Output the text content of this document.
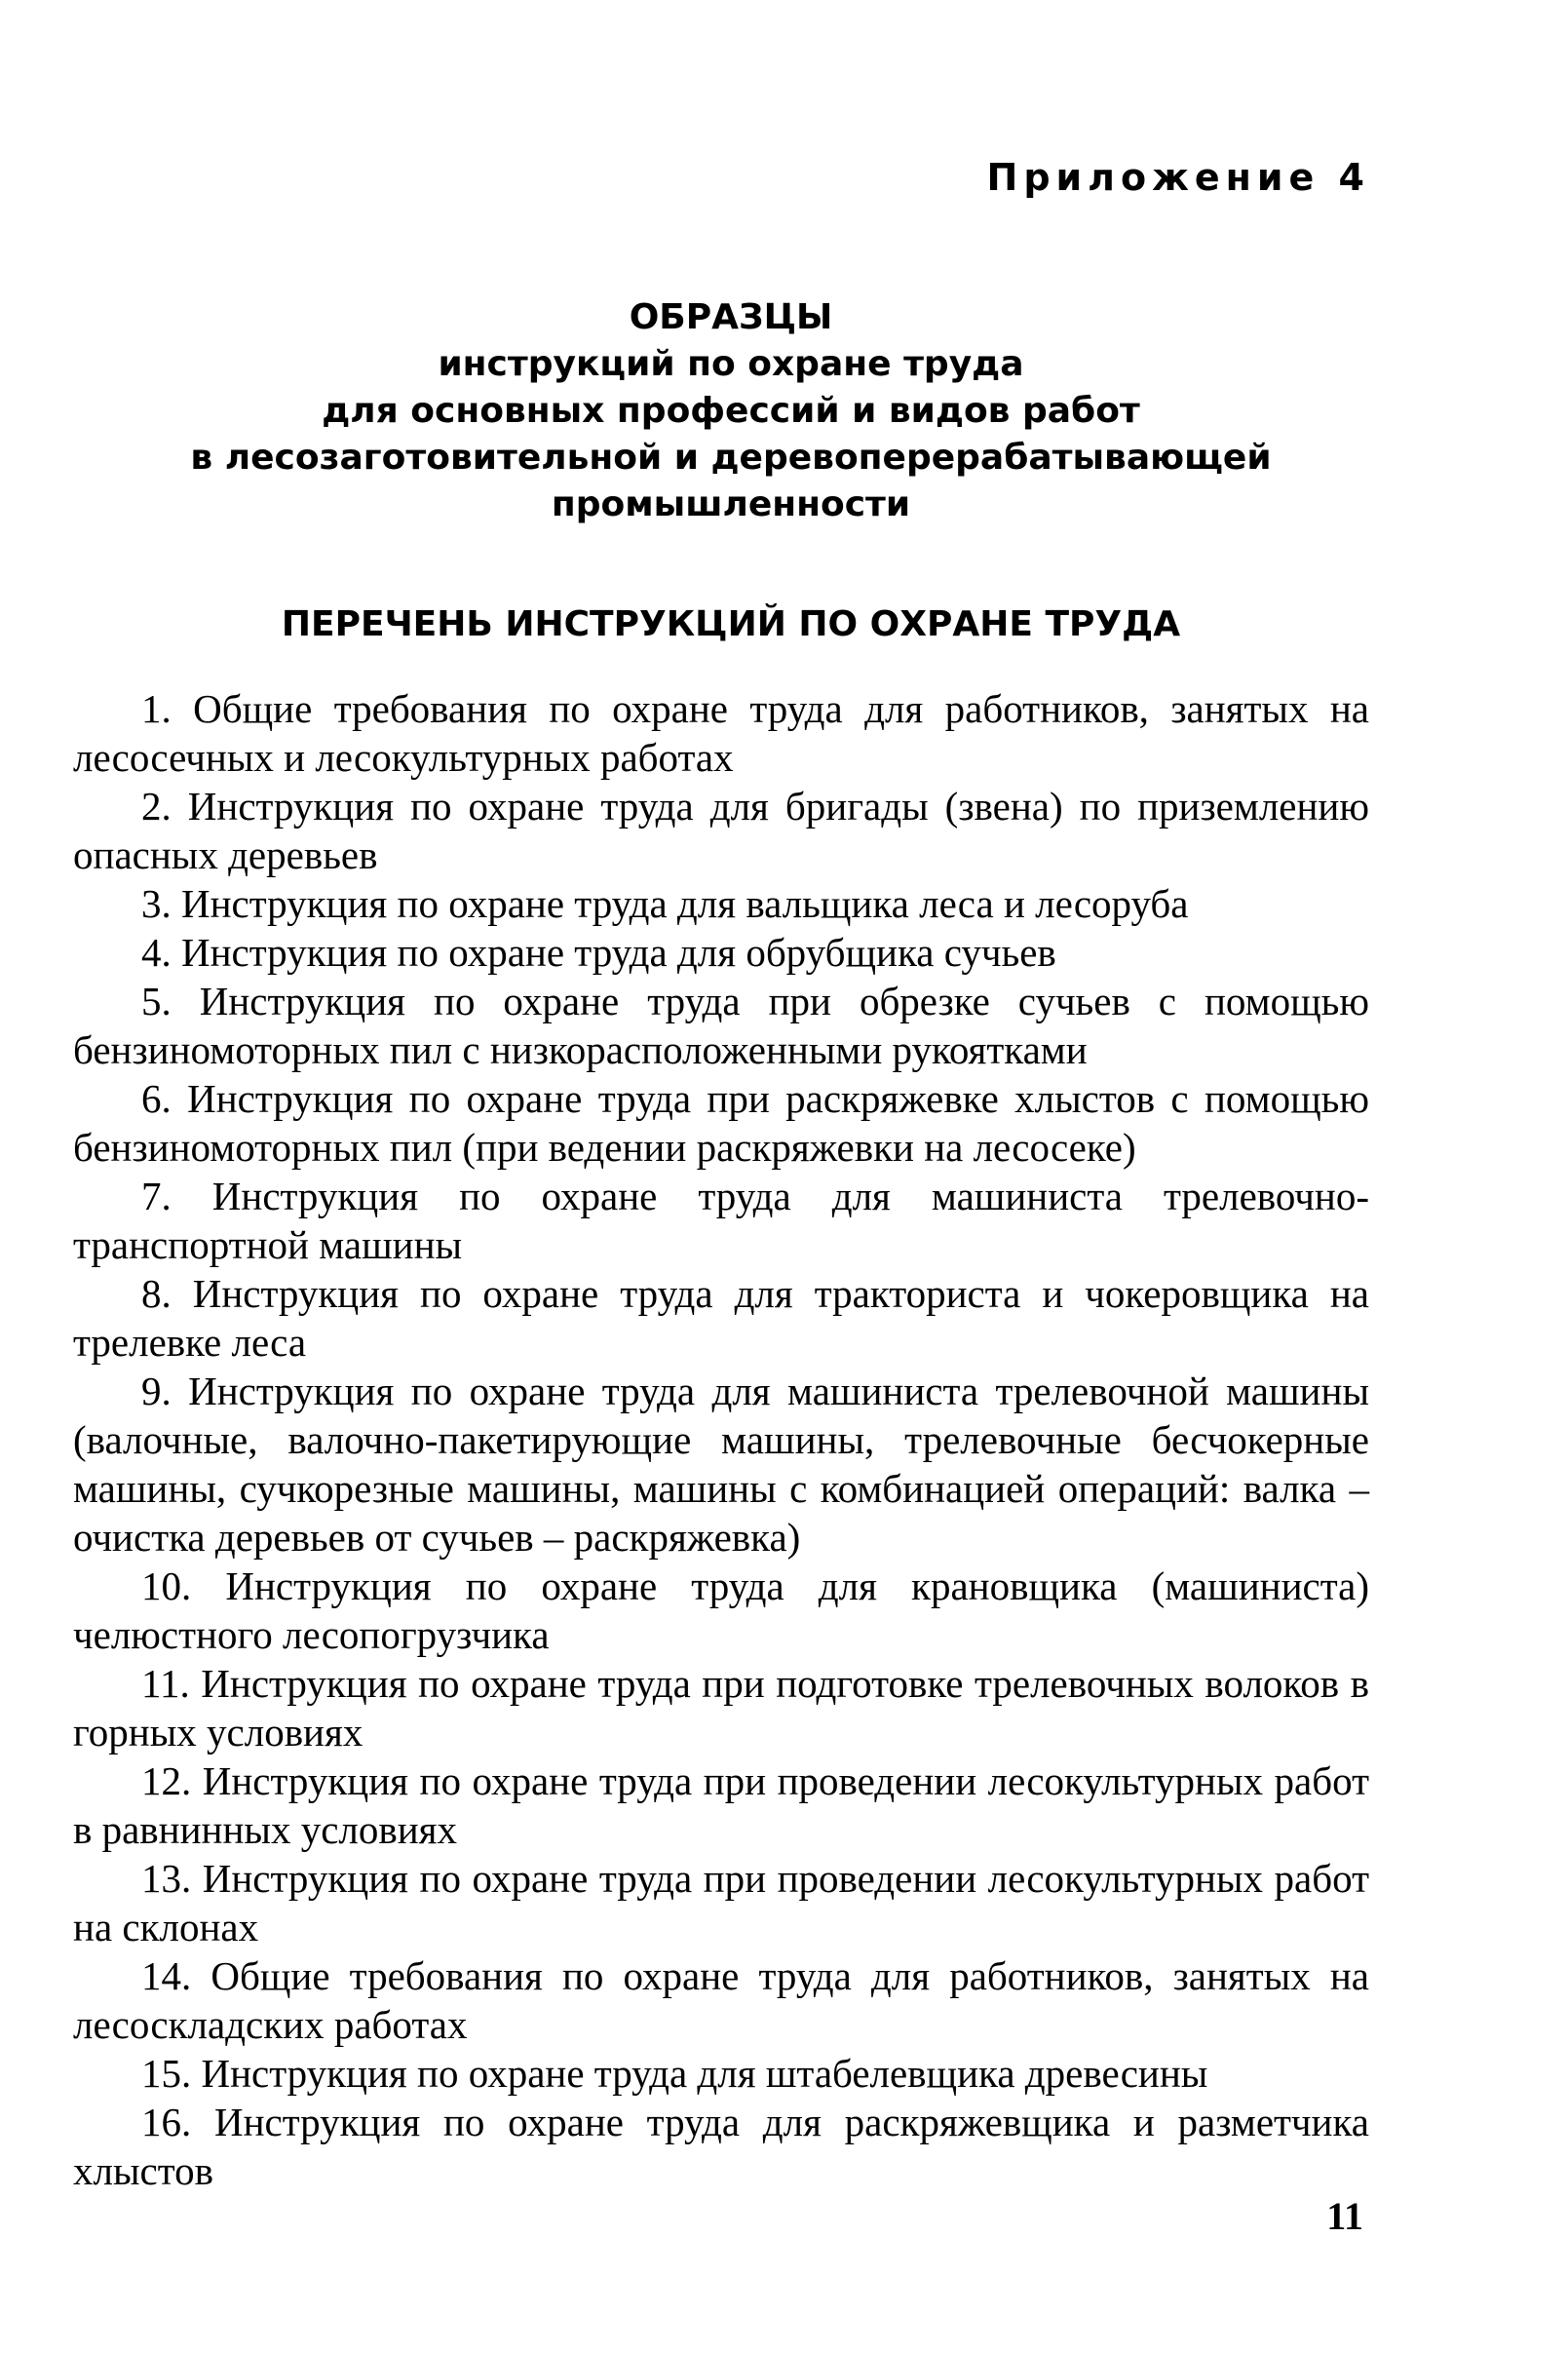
Приложение 4
ОБРАЗЦЫ
инструкций по охране труда
для основных профессий и видов работ
в лесозаготовительной и деревоперерабатывающей
промышленности
ПЕРЕЧЕНЬ ИНСТРУКЦИЙ ПО ОХРАНЕ ТРУДА

1. Общие требования по охране труда для работников, занятых на лесосечных и лесокультурных работах

2. Инструкция по охране труда для бригады (звена) по приземлению опасных деревьев

3. Инструкция по охране труда для вальщика леса и лесоруба

4. Инструкция по охране труда для обрубщика сучьев

5. Инструкция по охране труда при обрезке сучьев с помощью бензиномоторных пил с низкорасположенными рукоятками

6. Инструкция по охране труда при раскряжевке хлыстов с помощью бензиномоторных пил (при ведении раскряжевки на лесосеке)

7. Инструкция по охране труда для машиниста трелевочно-транспортной машины

8. Инструкция по охране труда для тракториста и чокеровщика на трелевке леса

9. Инструкция по охране труда для машиниста трелевочной машины (валочные, валочно-пакетирующие машины, трелевочные бесчокерные машины, сучкорезные машины, машины с комбинацией операций: валка – очистка деревьев от сучьев – раскряжевка)

10. Инструкция по охране труда для крановщика (машиниста) челюстного лесопогрузчика

11. Инструкция по охране труда при подготовке трелевочных волоков в горных условиях

12. Инструкция по охране труда при проведении лесокультурных работ в равнинных условиях

13. Инструкция по охране труда при проведении лесокультурных работ на склонах

14. Общие требования по охране труда для работников, занятых на лесоскладских работах

15. Инструкция по охране труда для штабелевщика древесины

16. Инструкция по охране труда для раскряжевщика и разметчика хлыстов

11
